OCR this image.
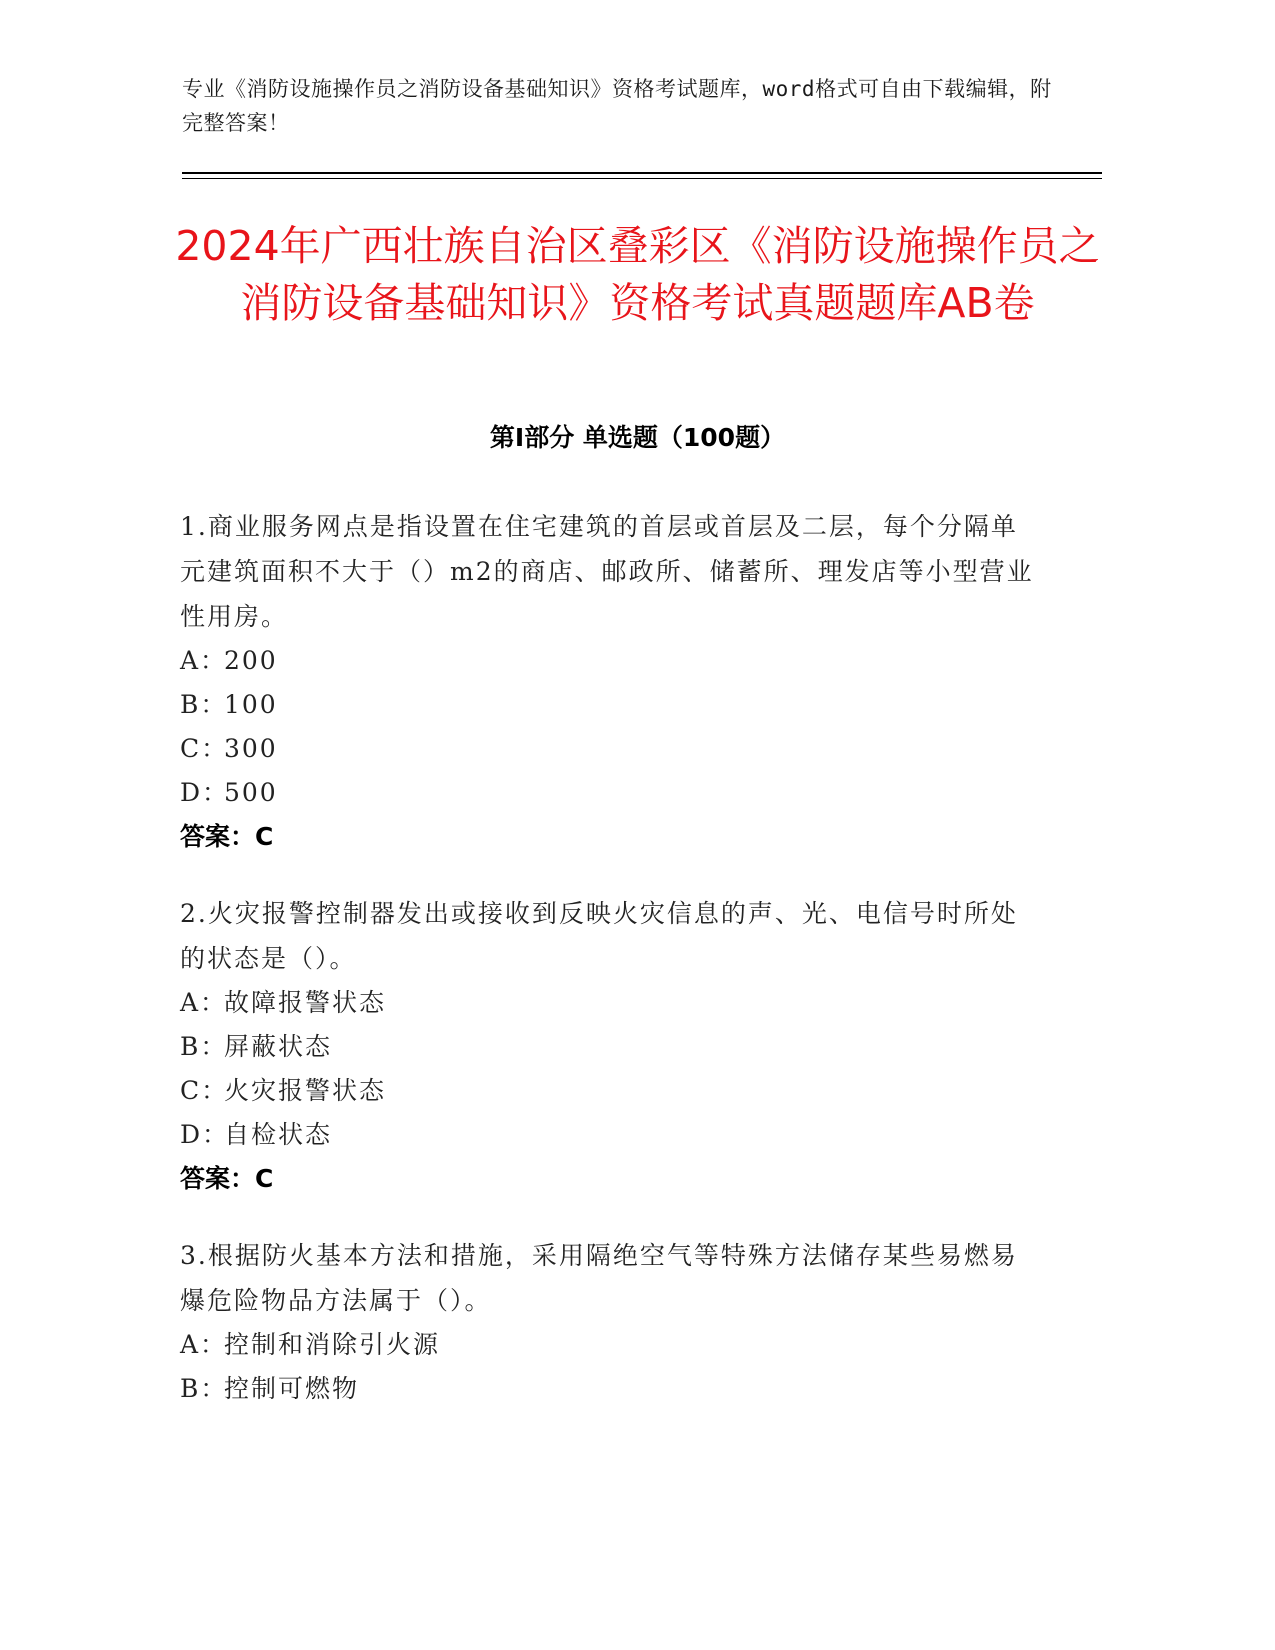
专业《消防设施操作员之消防设备基础知识》资格考试题库，word格式可自由下载编辑，附完整答案！
2024年广西壮族自治区叠彩区《消防设施操作员之消防设备基础知识》资格考试真题题库AB卷
第Ⅰ部分 单选题（100题）
1.商业服务网点是指设置在住宅建筑的首层或首层及二层，每个分隔单元建筑面积不大于（）m2的商店、邮政所、储蓄所、理发店等小型营业性用房。
A：200
B：100
C：300
D：500
答案：C
2.火灾报警控制器发出或接收到反映火灾信息的声、光、电信号时所处的状态是（）。
A：故障报警状态
B：屏蔽状态
C：火灾报警状态
D：自检状态
答案：C
3.根据防火基本方法和措施，采用隔绝空气等特殊方法储存某些易燃易爆危险物品方法属于（）。
A：控制和消除引火源
B：控制可燃物
